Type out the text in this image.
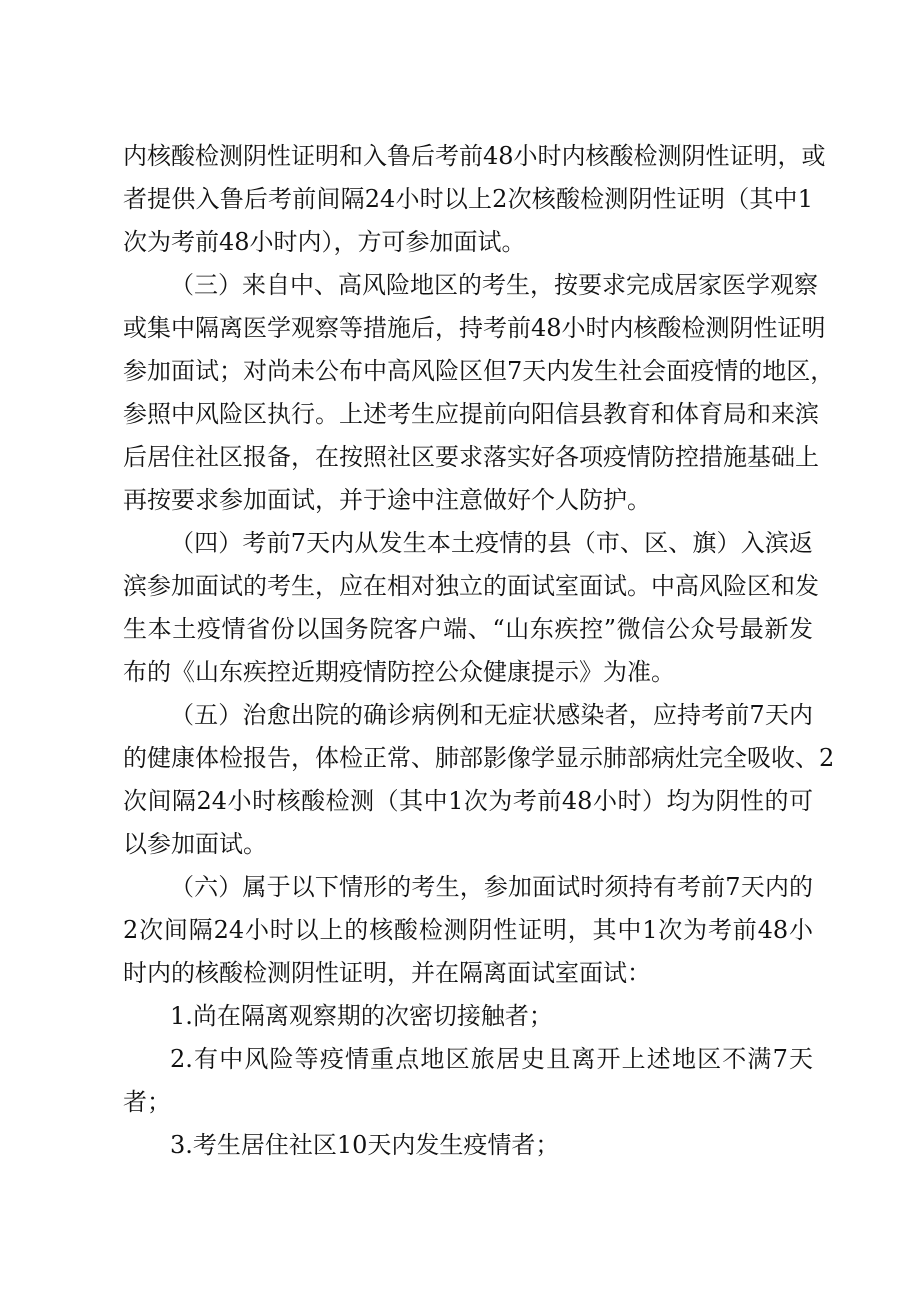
内核酸检测阴性证明和入鲁后考前48小时内核酸检测阴性证明，或
者提供入鲁后考前间隔24小时以上2次核酸检测阴性证明（其中1
次为考前48小时内），方可参加面试。
（三）来自中、高风险地区的考生，按要求完成居家医学观察
或集中隔离医学观察等措施后，持考前48小时内核酸检测阴性证明
参加面试；对尚未公布中高风险区但7天内发生社会面疫情的地区，
参照中风险区执行。上述考生应提前向阳信县教育和体育局和来滨
后居住社区报备，在按照社区要求落实好各项疫情防控措施基础上
再按要求参加面试，并于途中注意做好个人防护。
（四）考前7天内从发生本土疫情的县（市、区、旗）入滨返
滨参加面试的考生，应在相对独立的面试室面试。中高风险区和发
生本土疫情省份以国务院客户端、“山东疾控”微信公众号最新发
布的《山东疾控近期疫情防控公众健康提示》为准。
（五）治愈出院的确诊病例和无症状感染者，应持考前7天内
的健康体检报告，体检正常、肺部影像学显示肺部病灶完全吸收、2
次间隔24小时核酸检测（其中1次为考前48小时）均为阴性的可
以参加面试。
（六）属于以下情形的考生，参加面试时须持有考前7天内的
2次间隔24小时以上的核酸检测阴性证明，其中1次为考前48小
时内的核酸检测阴性证明，并在隔离面试室面试：
1.尚在隔离观察期的次密切接触者；
2.有中风险等疫情重点地区旅居史且离开上述地区不满7天
者；
3.考生居住社区10天内发生疫情者；
